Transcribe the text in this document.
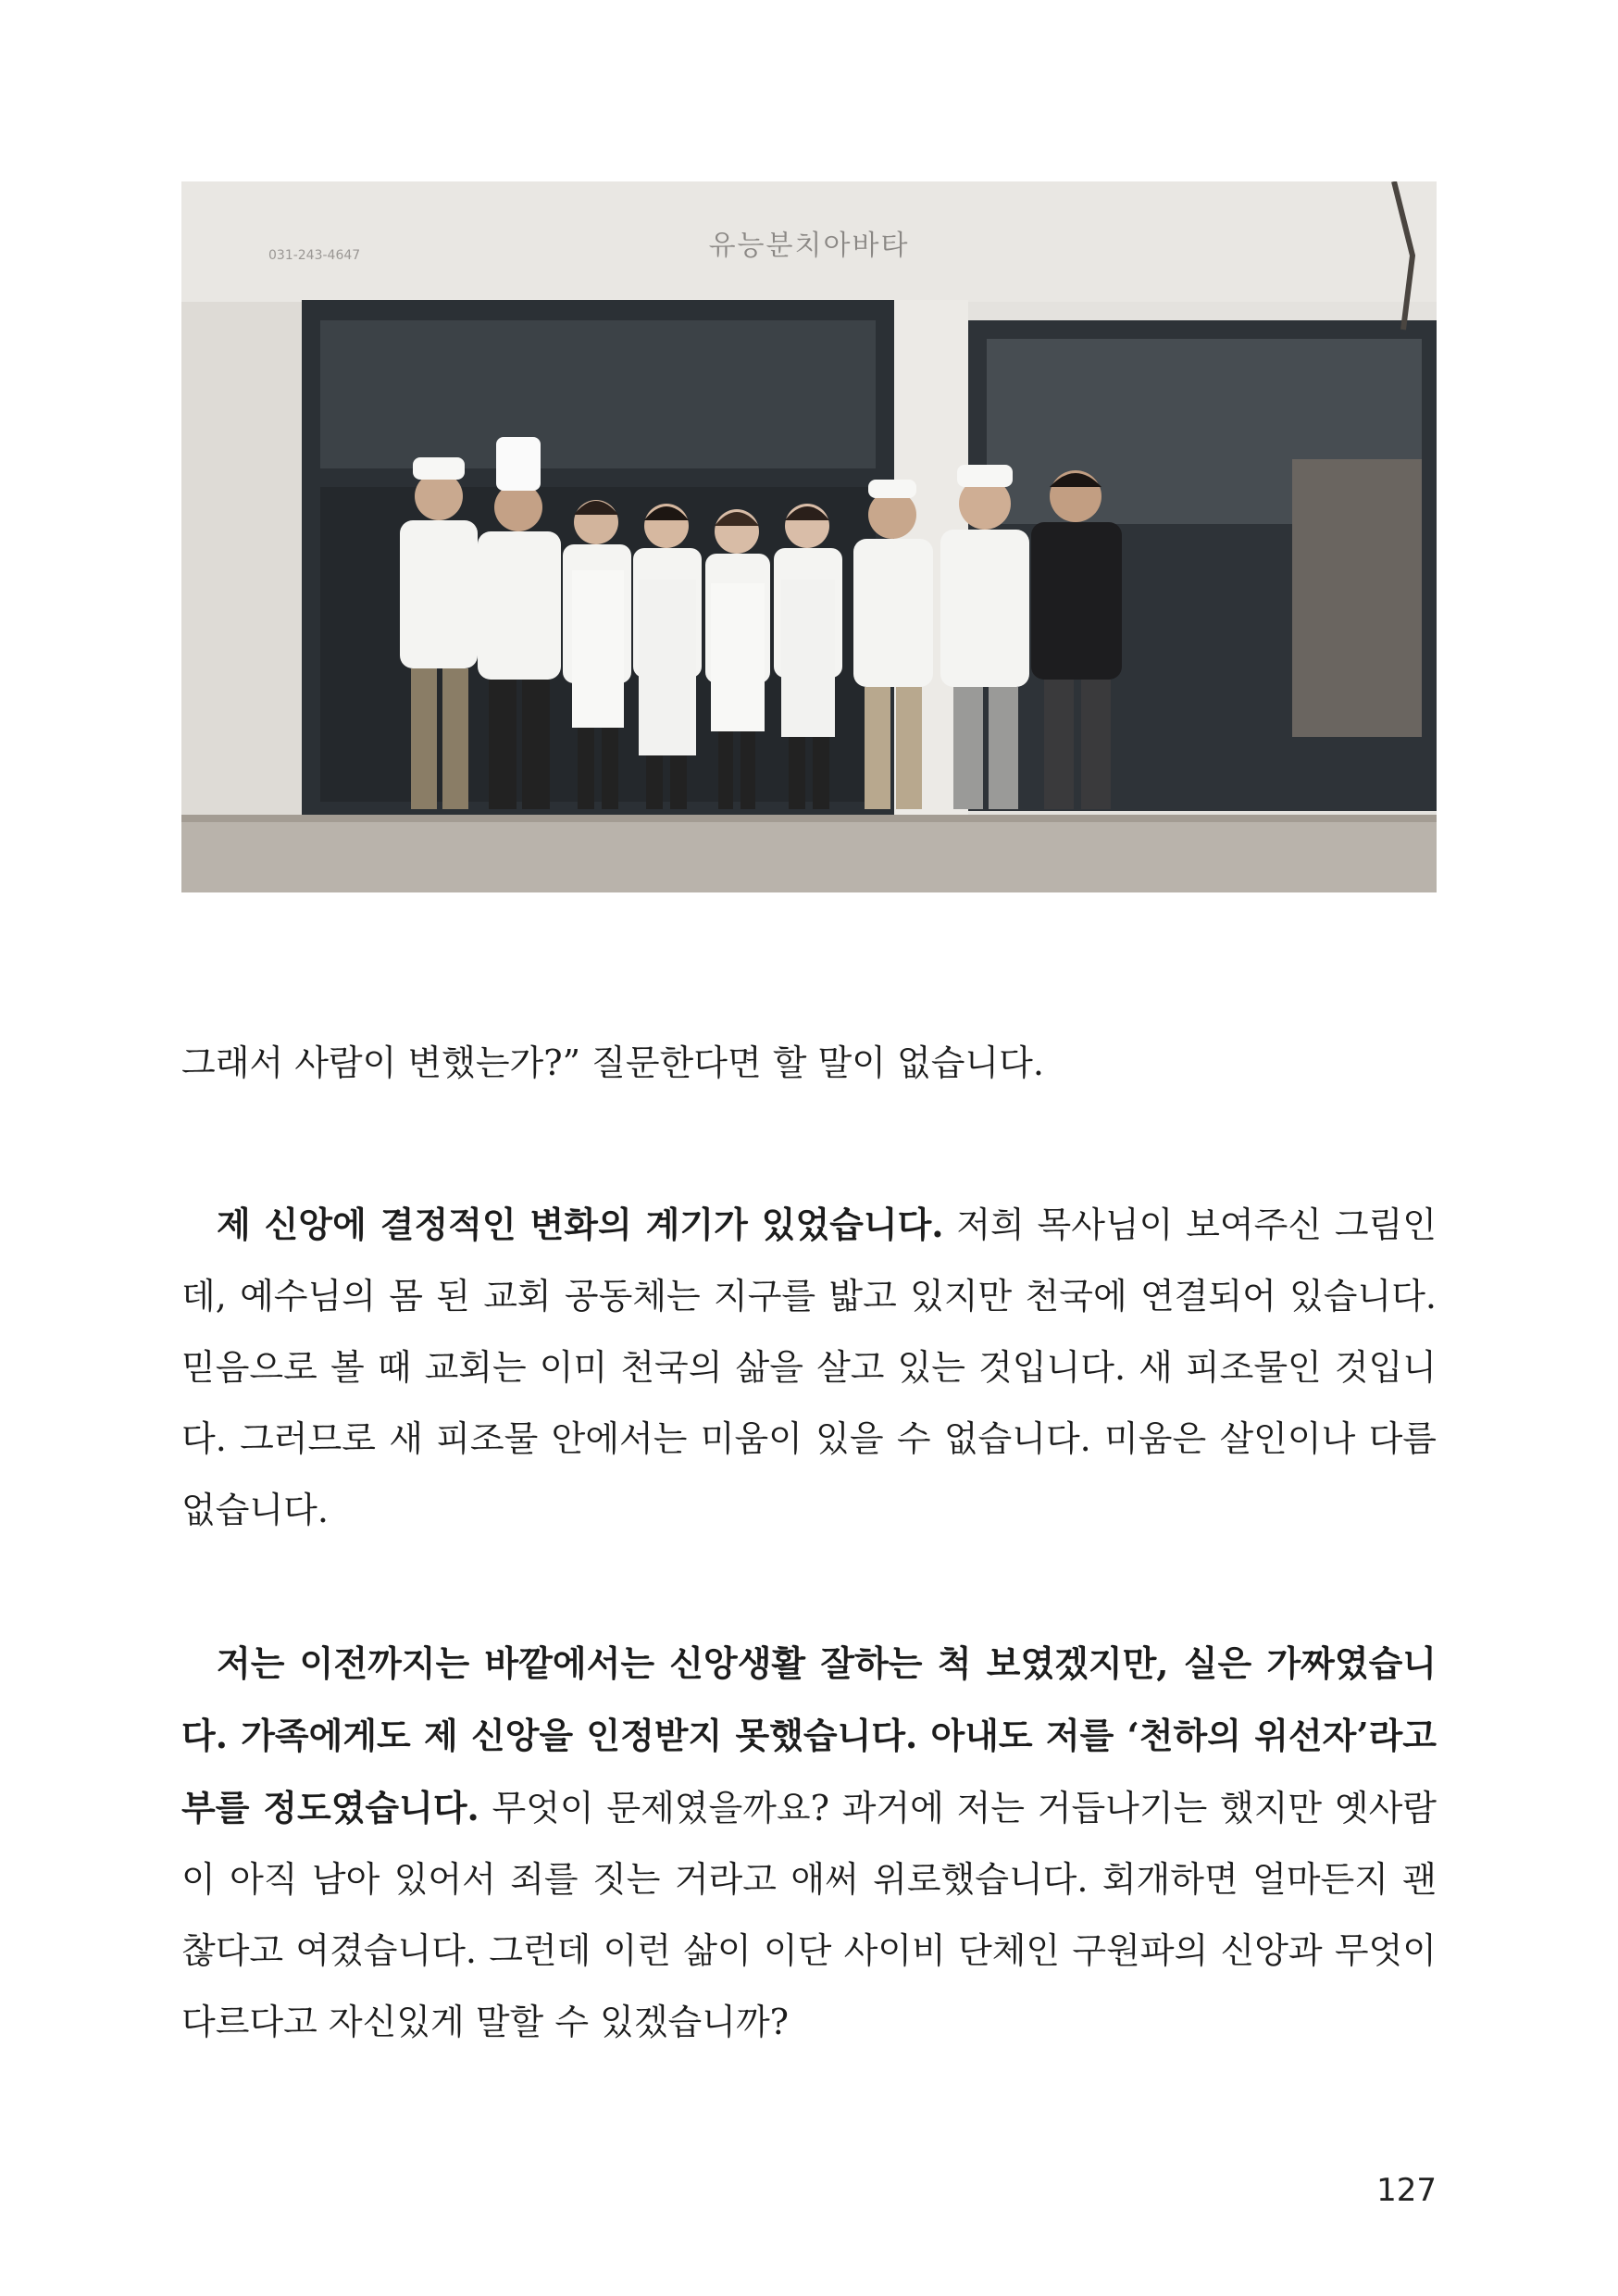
유능분치아바타
031-243-4647

그래서 사람이 변했는가?” 질문한다면 할 말이 없습니다.

제 신앙에 결정적인 변화의 계기가 있었습니다. 저희 목사님이 보여주신 그림인데, 예수님의 몸 된 교회 공동체는 지구를 밟고 있지만 천국에 연결되어 있습니다. 믿음으로 볼 때 교회는 이미 천국의 삶을 살고 있는 것입니다. 새 피조물인 것입니다. 그러므로 새 피조물 안에서는 미움이 있을 수 없습니다. 미움은 살인이나 다름없습니다.

저는 이전까지는 바깥에서는 신앙생활 잘하는 척 보였겠지만, 실은 가짜였습니다. 가족에게도 제 신앙을 인정받지 못했습니다. 아내도 저를 ‘천하의 위선자’라고 부를 정도였습니다. 무엇이 문제였을까요? 과거에 저는 거듭나기는 했지만 옛사람이 아직 남아 있어서 죄를 짓는 거라고 애써 위로했습니다. 회개하면 얼마든지 괜찮다고 여겼습니다. 그런데 이런 삶이 이단 사이비 단체인 구원파의 신앙과 무엇이 다르다고 자신있게 말할 수 있겠습니까?

127
